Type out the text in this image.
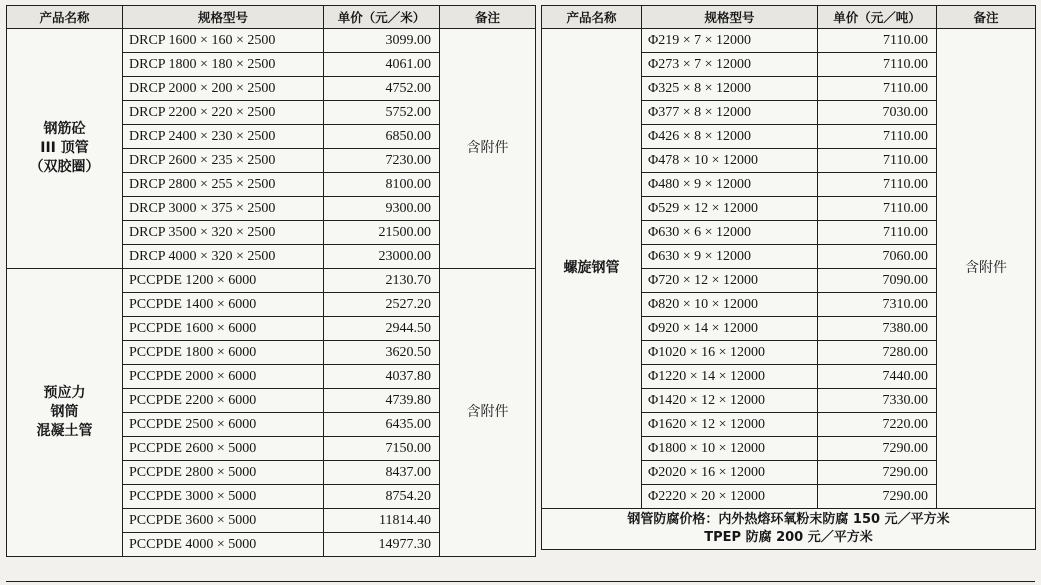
产品名称	规格型号	单价（元／米）	备注
钢筋砼
III 顶管
（双胶圈）	DRCP 1600 × 160 × 2500	3099.00	含附件
	DRCP 1800 × 180 × 2500	4061.00	
	DRCP 2000 × 200 × 2500	4752.00	
	DRCP 2200 × 220 × 2500	5752.00	
	DRCP 2400 × 230 × 2500	6850.00	
	DRCP 2600 × 235 × 2500	7230.00	
	DRCP 2800 × 255 × 2500	8100.00	
	DRCP 3000 × 375 × 2500	9300.00	
	DRCP 3500 × 320 × 2500	21500.00	
	DRCP 4000 × 320 × 2500	23000.00	
预应力
钢筒
混凝土管	PCCPDE 1200 × 6000	2130.70	含附件
	PCCPDE 1400 × 6000	2527.20	
	PCCPDE 1600 × 6000	2944.50	
	PCCPDE 1800 × 6000	3620.50	
	PCCPDE 2000 × 6000	4037.80	
	PCCPDE 2200 × 6000	4739.80	
	PCCPDE 2500 × 6000	6435.00	
	PCCPDE 2600 × 5000	7150.00	
	PCCPDE 2800 × 5000	8437.00	
	PCCPDE 3000 × 5000	8754.20	
	PCCPDE 3600 × 5000	11814.40	
	PCCPDE 4000 × 5000	14977.30	
产品名称	规格型号	单价（元／吨）	备注
螺旋钢管	Φ219 × 7 × 12000	7110.00	含附件
	Φ273 × 7 × 12000	7110.00	
	Φ325 × 8 × 12000	7110.00	
	Φ377 × 8 × 12000	7030.00	
	Φ426 × 8 × 12000	7110.00	
	Φ478 × 10 × 12000	7110.00	
	Φ480 × 9 × 12000	7110.00	
	Φ529 × 12 × 12000	7110.00	
	Φ630 × 6 × 12000	7110.00	
	Φ630 × 9 × 12000	7060.00	
	Φ720 × 12 × 12000	7090.00	
	Φ820 × 10 × 12000	7310.00	
	Φ920 × 14 × 12000	7380.00	
	Φ1020 × 16 × 12000	7280.00	
	Φ1220 × 14 × 12000	7440.00	
	Φ1420 × 12 × 12000	7330.00	
	Φ1620 × 12 × 12000	7220.00	
	Φ1800 × 10 × 12000	7290.00	
	Φ2020 × 16 × 12000	7290.00	
	Φ2220 × 20 × 12000	7290.00	

钢管防腐价格：内外热熔环氧粉末防腐 150 元／平方米
TPEP 防腐 200 元／平方米			
